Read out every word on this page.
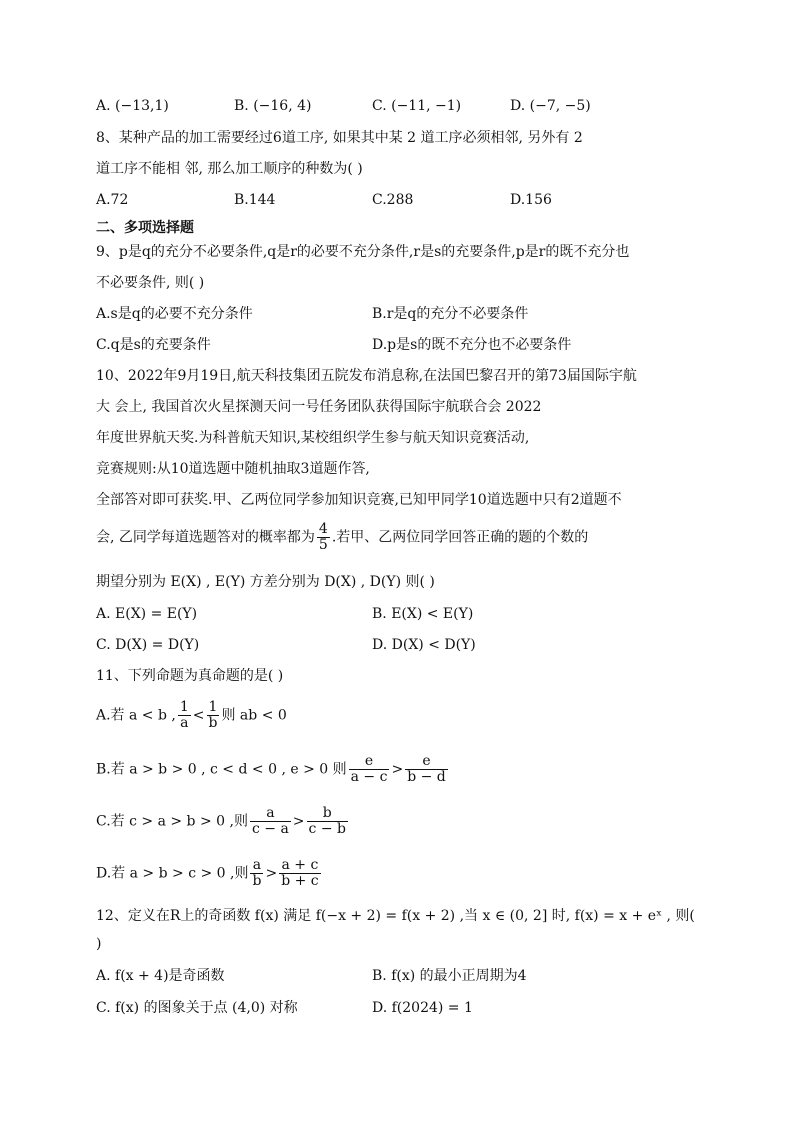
A. (−13,1)	B. (−16, 4)	C. (−11, −1)	D. (−7, −5)
8、某种产品的加工需要经过6道工序, 如果其中某 2 道工序必须相邻, 另外有 2
道工序不能相 邻, 那么加工顺序的种数为( )
A.72	B.144	C.288	D.156
二、多项选择题
9、p是q的充分不必要条件,q是r的必要不充分条件,r是s的充要条件,p是r的既不充分也
不必要条件, 则( )
A.s是q的必要不充分条件	B.r是q的充分不必要条件
C.q是s的充要条件	D.p是s的既不充分也不必要条件
10、2022年9月19日,航天科技集团五院发布消息称,在法国巴黎召开的第73届国际宇航
大 会上, 我国首次火星探测天问一号任务团队获得国际宇航联合会 2022
年度世界航天奖.为科普航天知识,某校组织学生参与航天知识竞赛活动,
竞赛规则:从10道选题中随机抽取3道题作答,
全部答对即可获奖.甲、乙两位同学参加知识竞赛,已知甲同学10道选题中只有2道题不
会, 乙同学每道选题答对的概率都为 $\frac{4}{5}$ .若甲、乙两位同学回答正确的题的个数的
期望分别为 E(X) , E(Y) 方差分别为 D(X) , D(Y) 则( )
A. E(X) = E(Y)	B. E(X) < E(Y)
C. D(X) = D(Y)	D. D(X) < D(Y)
11、下列命题为真命题的是( )
A.若 a < b , $\frac{1}{a} < \frac{1}{b}$ 则 ab < 0
B.若 a > b > 0 , c < d < 0 , e > 0 则 $\frac{e}{a - c} > \frac{e}{b - d}$
C.若 c > a > b > 0 ,则 $\frac{a}{c - a} > \frac{b}{c - b}$
D.若 a > b > c > 0 ,则 $\frac{a}{b} > \frac{a + c}{b + c}$
12、定义在R上的奇函数 f(x) 满足 f(−x + 2) = f(x + 2) ,当 x ∈ (0, 2] 时, f(x) = x + eˣ , 则(
)
A. f(x + 4)是奇函数	B. f(x) 的最小正周期为4
C. f(x) 的图象关于点 (4,0) 对称	D. f(2024) = 1
